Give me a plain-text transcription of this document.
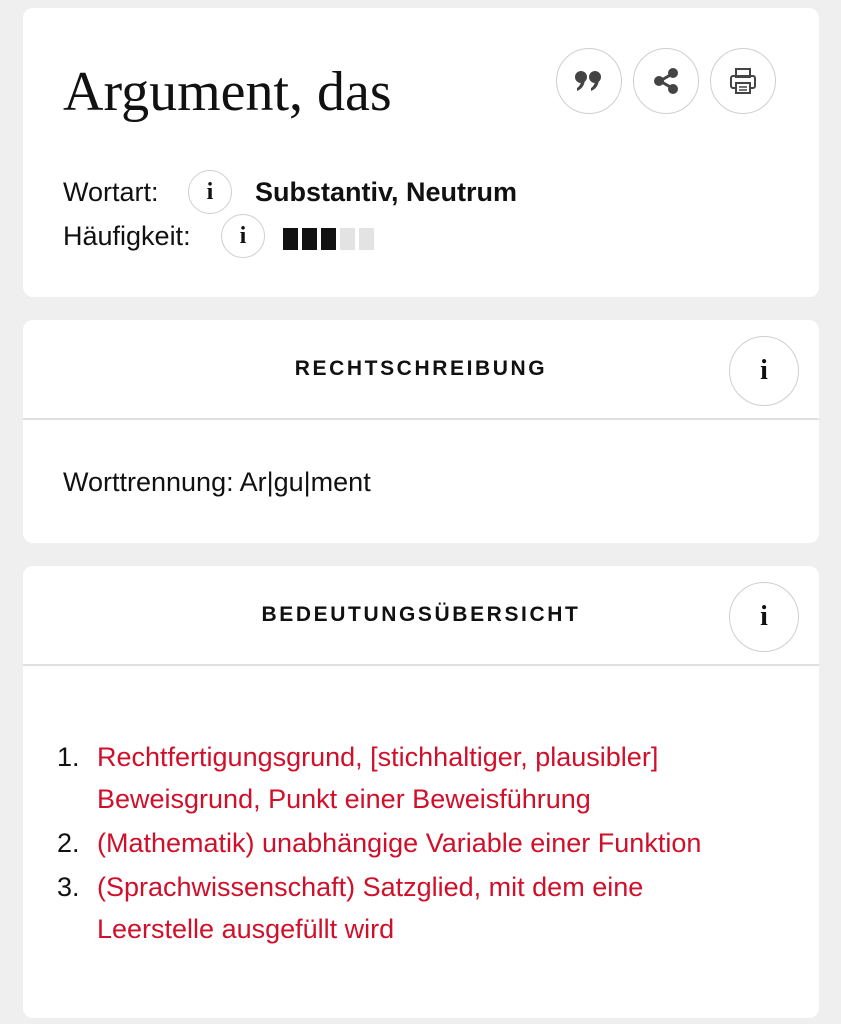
Argument, das
Wortart: i Substantiv, Neutrum
Häufigkeit: i
RECHTSCHREIBUNG	i
Worttrennung: Ar|gu|ment
BEDEUTUNGSÜBERSICHT	i
1. Rechtfertigungsgrund, [stichhaltiger, plausibler] Beweisgrund, Punkt einer Beweisführung
2. (Mathematik) unabhängige Variable einer Funktion
3. (Sprachwissenschaft) Satzglied, mit dem eine Leerstelle ausgefüllt wird
